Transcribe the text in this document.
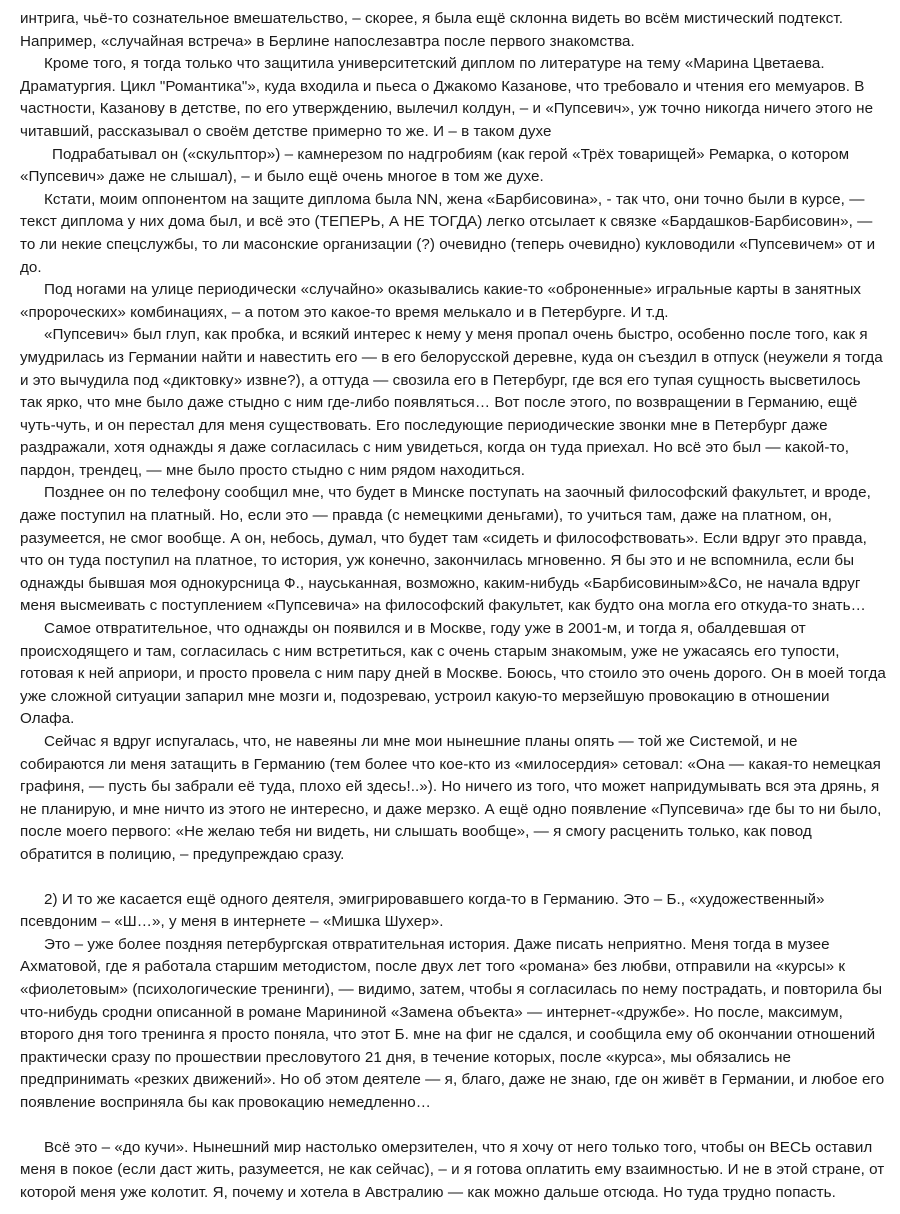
интрига, чьё-то сознательное вмешательство, – скорее, я была ещё склонна видеть во всём мистический подтекст. Например, «случайная встреча» в Берлине напослезавтра после первого знакомства.

Кроме того, я тогда только что защитила университетский диплом по литературе на тему «Марина Цветаева. Драматургия. Цикл "Романтика"», куда входила и пьеса о Джакомо Казанове, что требовало и чтения его мемуаров. В частности, Казанову в детстве, по его утверждению, вылечил колдун, – и «Пупсевич», уж точно никогда ничего этого не читавший, рассказывал о своём детстве примерно то же. И – в таком духе

Подрабатывал он («скульптор») – камнерезом по надгробиям (как герой «Трёх товарищей» Ремарка, о котором «Пупсевич» даже не слышал), – и было ещё очень многое в том же духе.

Кстати, моим оппонентом на защите диплома была NN, жена «Барбисовина», - так что, они точно были в курсе, — текст диплома у них дома был, и всё это (ТЕПЕРЬ, А НЕ ТОГДА) легко отсылает к связке «Бардашков-Барбисовин», — то ли некие спецслужбы, то ли масонские организации (?) очевидно (теперь очевидно) кукловодили «Пупсевичем» от и до.

Под ногами на улице периодически «случайно» оказывались какие-то «оброненные» игральные карты в занятных «пророческих» комбинациях, – а потом это какое-то время мелькало и в Петербурге. И т.д.

«Пупсевич» был глуп, как пробка, и всякий интерес к нему у меня пропал очень быстро, особенно после того, как я умудрилась из Германии найти и навестить его — в его белорусской деревне, куда он съездил в отпуск (неужели я тогда и это вычудила под «диктовку» извне?), а оттуда — свозила его в Петербург, где вся его тупая сущность высветилось так ярко, что мне было даже стыдно с ним где-либо появляться… Вот после этого, по возвращении в Германию, ещё чуть-чуть, и он перестал для меня существовать. Его последующие периодические звонки мне в Петербург даже раздражали, хотя однажды я даже согласилась с ним увидеться, когда он туда приехал. Но всё это был — какой-то, пардон, трендец, — мне было просто стыдно с ним рядом находиться.

Позднее он по телефону сообщил мне, что будет в Минске поступать на заочный философский факультет, и вроде, даже поступил на платный. Но, если это — правда (с немецкими деньгами), то учиться там, даже на платном, он, разумеется, не смог вообще. А он, небось, думал, что будет там «сидеть и философствовать». Если вдруг это правда, что он туда поступил на платное, то история, уж конечно, закончилась мгновенно. Я бы это и не вспомнила, если бы однажды бывшая моя однокурсница Ф., науськанная, возможно, каким-нибудь «Барбисовиным»&Co, не начала вдруг меня высмеивать с поступлением «Пупсевича» на философский факультет, как будто она могла его откуда-то знать…

Самое отвратительное, что однажды он появился и в Москве, году уже в 2001-м, и тогда я, обалдевшая от происходящего и там, согласилась с ним встретиться, как с очень старым знакомым, уже не ужасаясь его тупости, готовая к ней априори, и просто провела с ним пару дней в Москве. Боюсь, что стоило это очень дорого. Он в моей тогда уже сложной ситуации запарил мне мозги и, подозреваю, устроил какую-то мерзейшую провокацию в отношении Олафа.

Сейчас я вдруг испугалась, что, не навеяны ли мне мои нынешние планы опять — той же Системой, и не собираются ли меня затащить в Германию (тем более что кое-кто из «милосердия» сетовал: «Она — какая-то немецкая графиня, — пусть бы забрали её туда, плохо ей здесь!..»). Но ничего из того, что может напридумывать вся эта дрянь, я не планирую, и мне ничто из этого не интересно, и даже мерзко. А ещё одно появление «Пупсевича» где бы то ни было, после моего первого: «Не желаю тебя ни видеть, ни слышать вообще», — я смогу расценить только, как повод обратится в полицию, – предупреждаю сразу.

2) И то же касается ещё одного деятеля, эмигрировавшего когда-то в Германию. Это – Б., «художественный» псевдоним – «Ш…», у меня в интернете – «Мишка Шухер».

Это – уже более поздняя петербургская отвратительная история. Даже писать неприятно. Меня тогда в музее Ахматовой, где я работала старшим методистом, после двух лет того «романа» без любви, отправили на «курсы» к «фиолетовым» (психологические тренинги), — видимо, затем, чтобы я согласилась по нему пострадать, и повторила бы что-нибудь сродни описанной в романе Марининой «Замена объекта» — интернет-«дружбе». Но после, максимум, второго дня того тренинга я просто поняла, что этот Б. мне на фиг не сдался, и сообщила ему об окончании отношений практически сразу по прошествии пресловутого 21 дня, в течение которых, после «курса», мы обязались не предпринимать «резких движений». Но об этом деятеле — я, благо, даже не знаю, где он живёт в Германии, и любое его появление восприняла бы как провокацию немедленно…

Всё это – «до кучи». Нынешний мир настолько омерзителен, что я хочу от него только того, чтобы он ВЕСЬ оставил меня в покое (если даст жить, разумеется, не как сейчас), – и я готова оплатить ему взаимностью. И не в этой стране, от которой меня уже колотит. Я, почему и хотела в Австралию — как можно дальше отсюда. Но туда трудно попасть.
